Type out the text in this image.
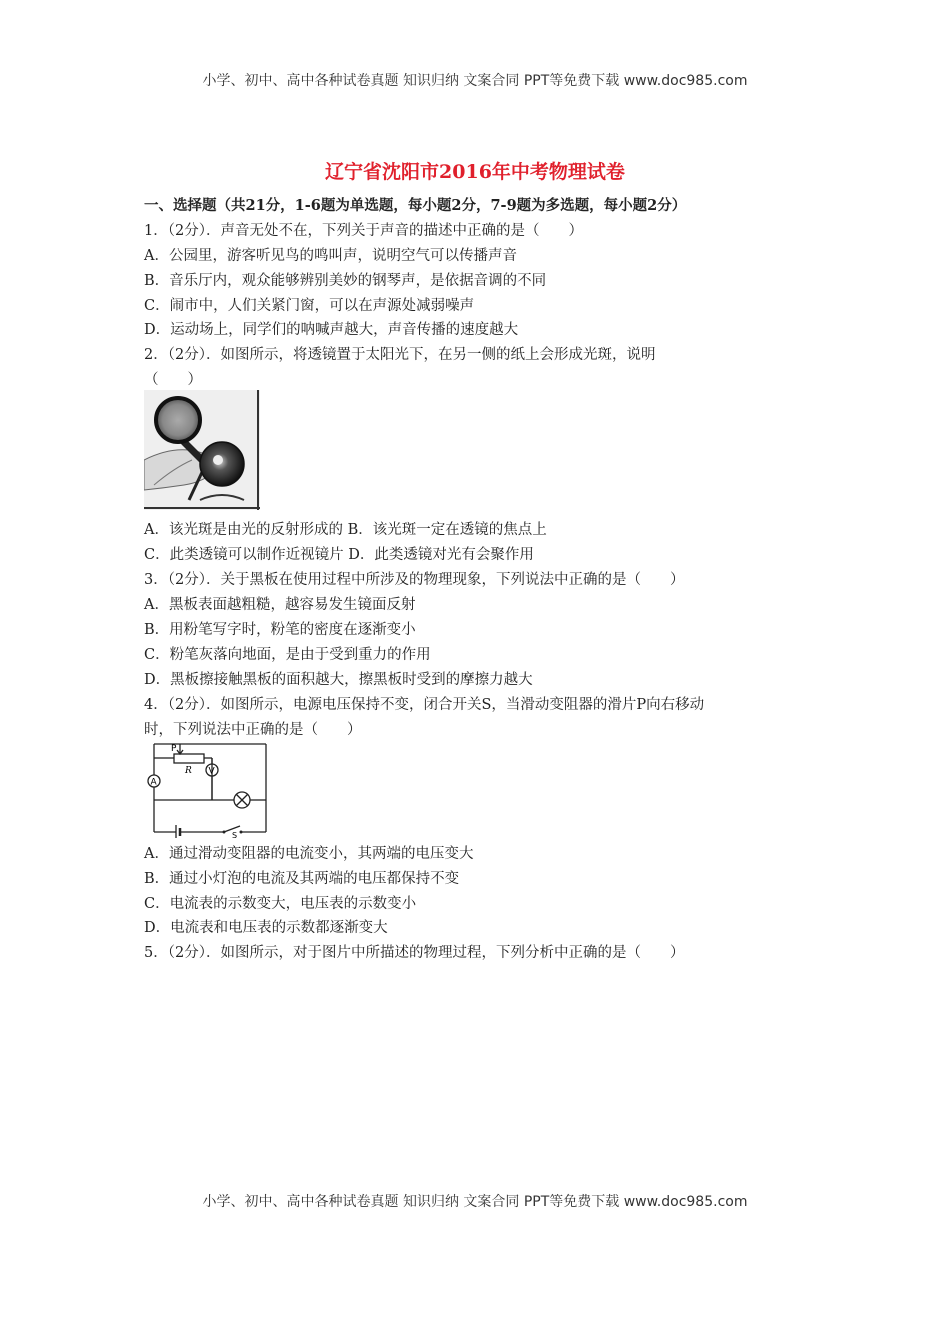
小学、初中、高中各种试卷真题 知识归纳 文案合同 PPT等免费下载 www.doc985.com
辽宁省沈阳市2016年中考物理试卷
一、选择题（共21分，1-6题为单选题，每小题2分，7-9题为多选题，每小题2分）
1．（2分）．声音无处不在，下列关于声音的描述中正确的是（　　）
A．公园里，游客听见鸟的鸣叫声，说明空气可以传播声音
B．音乐厅内，观众能够辨别美妙的钢琴声，是依据音调的不同
C．闹市中，人们关紧门窗，可以在声源处减弱噪声
D．运动场上，同学们的呐喊声越大，声音传播的速度越大
2．（2分）．如图所示，将透镜置于太阳光下，在另一侧的纸上会形成光斑，说明
（　　）
A．该光斑是由光的反射形成的 B．该光斑一定在透镜的焦点上
C．此类透镜可以制作近视镜片 D．此类透镜对光有会聚作用
3．（2分）．关于黑板在使用过程中所涉及的物理现象，下列说法中正确的是（　　）
A．黑板表面越粗糙，越容易发生镜面反射
B．用粉笔写字时，粉笔的密度在逐渐变小
C．粉笔灰落向地面，是由于受到重力的作用
D．黑板擦接触黑板的面积越大，擦黑板时受到的摩擦力越大
4．（2分）．如图所示，电源电压保持不变，闭合开关S，当滑动变阻器的滑片P向右移动
时，下列说法中正确的是（　　）
P
R
A
V
S
A．通过滑动变阻器的电流变小，其两端的电压变大
B．通过小灯泡的电流及其两端的电压都保持不变
C．电流表的示数变大，电压表的示数变小
D．电流表和电压表的示数都逐渐变大
5．（2分）．如图所示，对于图片中所描述的物理过程，下列分析中正确的是（　　）
小学、初中、高中各种试卷真题 知识归纳 文案合同 PPT等免费下载 www.doc985.com
